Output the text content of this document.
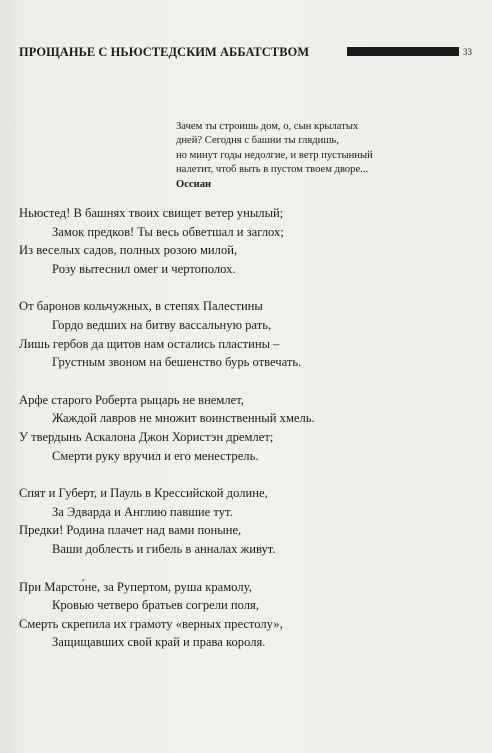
ПРОЩАНЬЕ С НЬЮСТЕДСКИМ АББАТСТВОМ	33
Зачем ты строишь дом, о, сын крылатых
дней? Сегодня с башни ты глядишь,
но минут годы недолгие, и ветр пустынный
налетит, чтоб выть в пустом твоем дворе...
Оссиан
Ньюстед! В башнях твоих свищет ветер унылый;
Замок предков! Ты весь обветшал и заглох;
Из веселых садов, полных розою милой,
Розу вытеснил омег и чертополох.
От баронов кольчужных, в степях Палестины
Гордо ведших на битву вассальную рать,
Лишь гербов да щитов нам остались пластины –
Грустным звоном на бешенство бурь отвечать.
Арфе старого Роберта рыцарь не внемлет,
Жаждой лавров не множит воинственный хмель.
У твердынь Аскалона Джон Хористэн дремлет;
Смерти руку вручил и его менестрель.
Спят и Губерт, и Пауль в Крессийской долине,
За Эдварда и Англию павшие тут.
Предки! Родина плачет над вами поныне,
Ваши доблесть и гибель в анналах живут.
При Марсто́не, за Рупертом, руша крамолу,
Кровью четверо братьев согрели поля,
Смерть скрепила их грамоту «верных престолу»,
Защищавших свой край и права короля.
